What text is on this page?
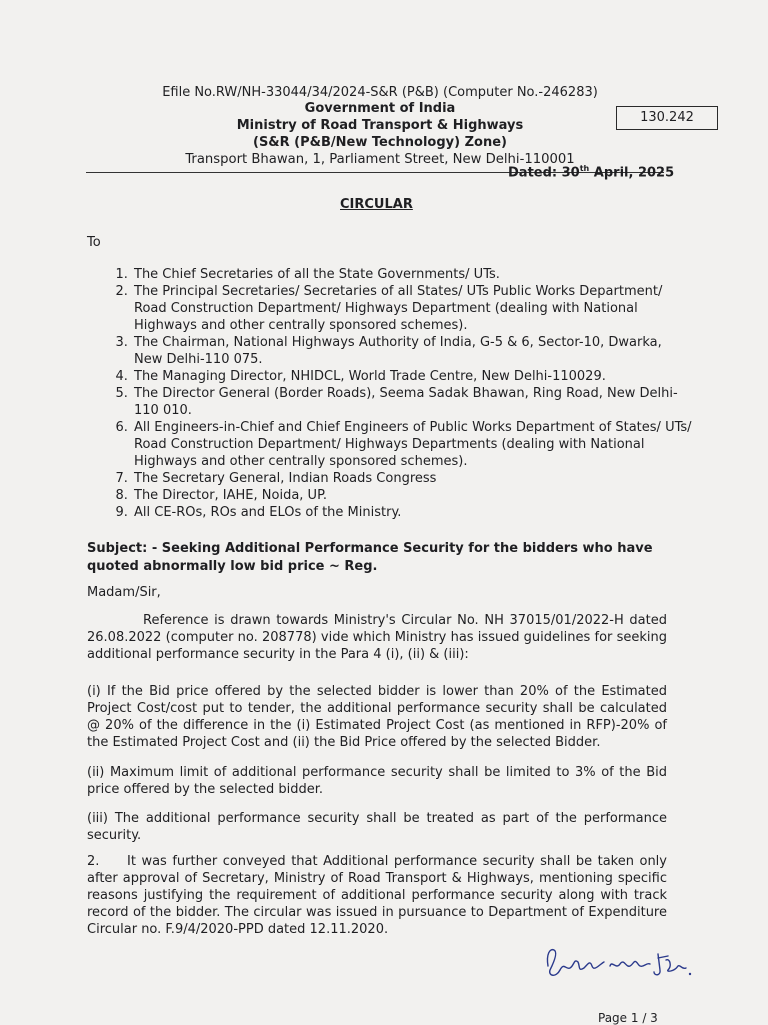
Efile No.RW/NH-33044/34/2024-S&R (P&B) (Computer No.-246283)
Government of India
Ministry of Road Transport & Highways
(S&R (P&B/New Technology) Zone)
Transport Bhawan, 1, Parliament Street, New Delhi-110001
130.242
Dated: 30th April, 2025
CIRCULAR
To
1. The Chief Secretaries of all the State Governments/ UTs.
2. The Principal Secretaries/ Secretaries of all States/ UTs Public Works Department/ Road Construction Department/ Highways Department (dealing with National Highways and other centrally sponsored schemes).
3. The Chairman, National Highways Authority of India, G-5 & 6, Sector-10, Dwarka, New Delhi-110 075.
4. The Managing Director, NHIDCL, World Trade Centre, New Delhi-110029.
5. The Director General (Border Roads), Seema Sadak Bhawan, Ring Road, New Delhi-110 010.
6. All Engineers-in-Chief and Chief Engineers of Public Works Department of States/ UTs/ Road Construction Department/ Highways Departments (dealing with National Highways and other centrally sponsored schemes).
7. The Secretary General, Indian Roads Congress
8. The Director, IAHE, Noida, UP.
9. All CE-ROs, ROs and ELOs of the Ministry.
Subject: - Seeking Additional Performance Security for the bidders who have quoted abnormally low bid price ~ Reg.
Madam/Sir,
Reference is drawn towards Ministry's Circular No. NH 37015/01/2022-H dated 26.08.2022 (computer no. 208778) vide which Ministry has issued guidelines for seeking additional performance security in the Para 4 (i), (ii) & (iii):
(i) If the Bid price offered by the selected bidder is lower than 20% of the Estimated Project Cost/cost put to tender, the additional performance security shall be calculated @ 20% of the difference in the (i) Estimated Project Cost (as mentioned in RFP)-20% of the Estimated Project Cost and (ii) the Bid Price offered by the selected Bidder.
(ii) Maximum limit of additional performance security shall be limited to 3% of the Bid price offered by the selected bidder.
(iii) The additional performance security shall be treated as part of the performance security.
2. It was further conveyed that Additional performance security shall be taken only after approval of Secretary, Ministry of Road Transport & Highways, mentioning specific reasons justifying the requirement of additional performance security along with track record of the bidder. The circular was issued in pursuance to Department of Expenditure Circular no. F.9/4/2020-PPD dated 12.11.2020.
Page 1 / 3
